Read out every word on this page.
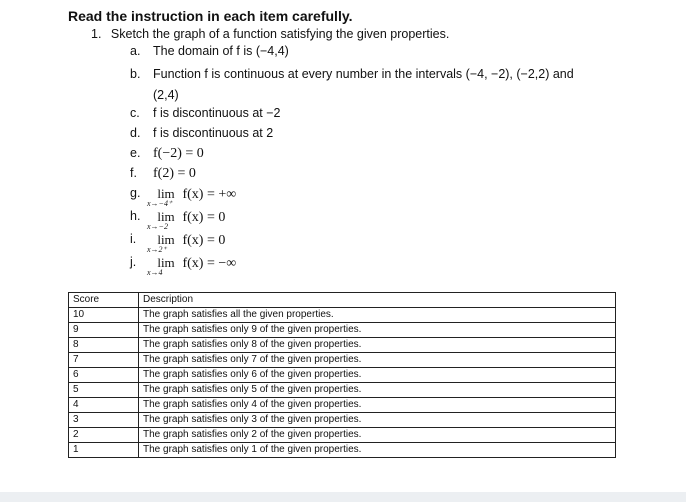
Read the instruction in each item carefully.
1. Sketch the graph of a function satisfying the given properties.
a.	The domain of f is (−4,4)
b.	Function f is continuous at every number in the intervals (−4, −2), (−2,2) and
(2,4)
c.	f is discontinuous at −2
d.	f is discontinuous at 2
e. f(−2) = 0
f.	f(2) = 0
g.	lim
x→−4⁺
f(x) = +∞
h.	lim
x→−2
f(x) = 0
i.	lim
x→2⁺
f(x) = 0
j.	lim
x→4
f(x) = −∞
Score	Description
10	The graph satisfies all the given properties.
9	The graph satisfies only 9 of the given properties.
8	The graph satisfies only 8 of the given properties.
7	The graph satisfies only 7 of the given properties.
6	The graph satisfies only 6 of the given properties.
5	The graph satisfies only 5 of the given properties.
4	The graph satisfies only 4 of the given properties.
3	The graph satisfies only 3 of the given properties.
2	The graph satisfies only 2 of the given properties.
1	The graph satisfies only 1 of the given properties.
